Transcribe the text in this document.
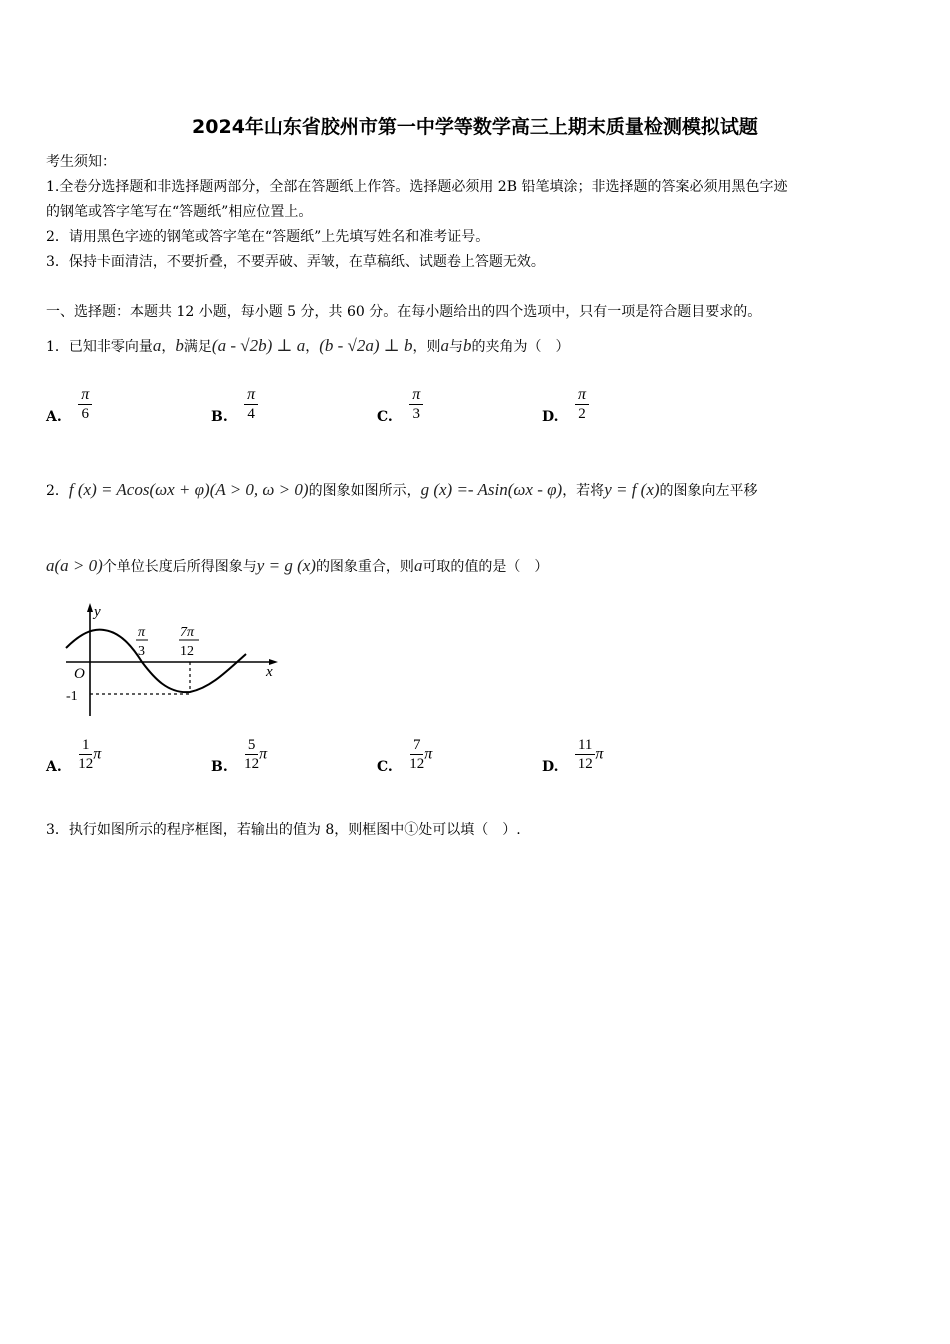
2024年山东省胶州市第一中学等数学高三上期末质量检测模拟试题
考生须知：
1.全卷分选择题和非选择题两部分，全部在答题纸上作答。选择题必须用 2B 铅笔填涂；非选择题的答案必须用黑色字迹
的钢笔或答字笔写在“答题纸”相应位置上。
2．请用黑色字迹的钢笔或答字笔在“答题纸”上先填写姓名和准考证号。
3．保持卡面清洁，不要折叠，不要弄破、弄皱，在草稿纸、试题卷上答题无效。
一、选择题：本题共 12 小题，每小题 5 分，共 60 分。在每小题给出的四个选项中，只有一项是符合题目要求的。
1．已知非零向量a，b满足(a - √2b) ⊥ a，(b - √2a) ⊥ b，则a与b的夹角为（　）
A. $\frac{\pi}{6}$	B. $\frac{\pi}{4}$	C. $\frac{\pi}{3}$	D. $\frac{\pi}{2}$
2．f (x) = Acos(ωx + φ)(A > 0, ω > 0)的图象如图所示，g (x) =- Asin(ωx - φ)，若将y = f (x)的图象向左平移
a(a > 0)个单位长度后所得图象与y = g (x)的图象重合，则a可取的值的是（　）
y
x
O
-1
π
3
7π
12
A. $\frac{1}{12}$ π
B. $\frac{5}{12}$ π
C. $\frac{7}{12}$ π
D. $\frac{11}{12}$ π
3．执行如图所示的程序框图，若输出的值为 8，则框图中①处可以填（　）.
